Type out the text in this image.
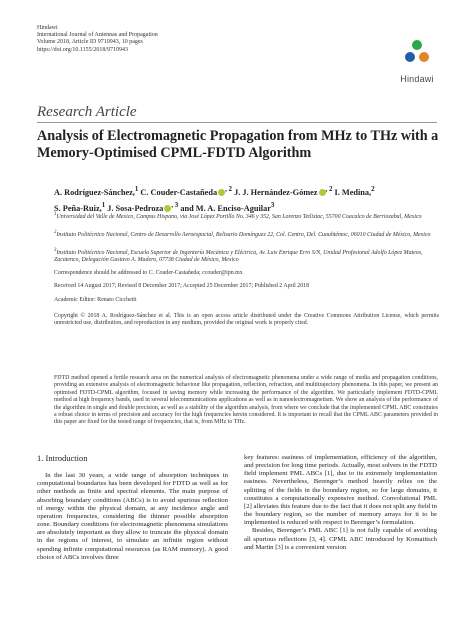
Hindawi
International Journal of Antennas and Propagation
Volume 2018, Article ID 9710943, 10 pages
https://doi.org/10.1155/2018/9710943
Hindawi
Research Article
Analysis of Electromagnetic Propagation from MHz to THz with a Memory-Optimised CPML-FDTD Algorithm
A. Rodríguez-Sánchez,$^1$ C. Couder-Castañeda $^{, 2}$ J. J. Hernández-Gómez $^{, 2}$ I. Medina,$^2$
S. Peña-Ruiz,$^1$ J. Sosa-Pedroza $^{, 3}$ and M. A. Enciso-Aguilar$^3$
$^1$Universidad del Valle de Mexico, Campus Hispano, via José López Portillo No. 346 y 352, San Lorenzo Tetlixtac, 55700 Coacalco de Berriozabal, Mexico
$^2$Instituto Politécnico Nacional, Centro de Desarrollo Aeroespacial, Belisario Domínguez 22, Col. Centro, Del. Cuauhtémoc, 06010 Ciudad de México, Mexico
$^3$Instituto Politécnico Nacional, Escuela Superior de Ingeniería Mecánica y Eléctrica, Av. Luis Enrique Erro S/N, Unidad Profesional Adolfo López Mateos, Zacatenco, Delegación Gustavo A. Madero, 07738 Ciudad de México, Mexico
Correspondence should be addressed to C. Couder-Castañeda; ccouder@ipn.mx
Received 14 August 2017; Revised 8 December 2017; Accepted 25 December 2017; Published 2 April 2018
Academic Editor: Renato Cicchetti
Copyright © 2018 A. Rodríguez-Sánchez et al. This is an open access article distributed under the Creative Commons Attribution License, which permits unrestricted use, distribution, and reproduction in any medium, provided the original work is properly cited.
FDTD method opened a fertile research area on the numerical analysis of electromagnetic phenomena under a wide range of media and propagation conditions, providing an extensive analysis of electromagnetic behaviour like propagation, reflection, refraction, and multitrajectory phenomena. In this paper, we present an optimised FDTD-CPML algorithm, focused in saving memory while increasing the performance of the algorithm. We particularly implement FDTD-CPML method at high frequency bands, used in several telecommunications applications as well as in nanoelectromagnetism. We show an analysis of the performance of the algorithm in single and double precision, as well as a stability of the algorithm analysis, from where we conclude that the implemented CPML ABC constitutes a robust choice in terms of precision and accuracy for the high frequencies herein considered. It is important to recall that the CPML ABC parameters provided in this paper are fixed for the tested range of frequencies, that is, from MHz to THz.
1. Introduction

In the last 30 years, a wide range of absorption techniques in computational boundaries has been developed for FDTD as well as for other methods as finite and spectral elements. The main purpose of absorbing boundary conditions (ABCs) is to avoid spurious reflection of energy within the physical domain, at any incidence angle and operation frequencies, considering the thinner possible absorption zone. Boundary conditions for electromagnetic phenomena simulations are absolutely important as they allow to truncate the physical domain in the regions of interest, to simulate an infinite region without spending infinite computational resources (as RAM memory). A good choice of ABCs involves three

key features: easiness of implementation, efficiency of the algorithm, and precision for long time periods. Actually, most solvers in the FDTD field implement PML ABCs [1], due to its extremely implementation easiness. Nevertheless, Berenger’s method heavily relies on the splitting of the fields in the boundary region, so for large domains, it constitutes a computationally expensive method. Convolutional PML [2] alleviates this feature due to the fact that it does not split any field in the boundary region, so the number of memory arrays for it to be implemented is reduced with respect to Berenger’s formulation.

Besides, Berenger’s PML ABC [1] is not fully capable of avoiding all spurious reflections [3, 4]. CPML ABC introduced by Komatitsch and Martin [3] is a convenient version
